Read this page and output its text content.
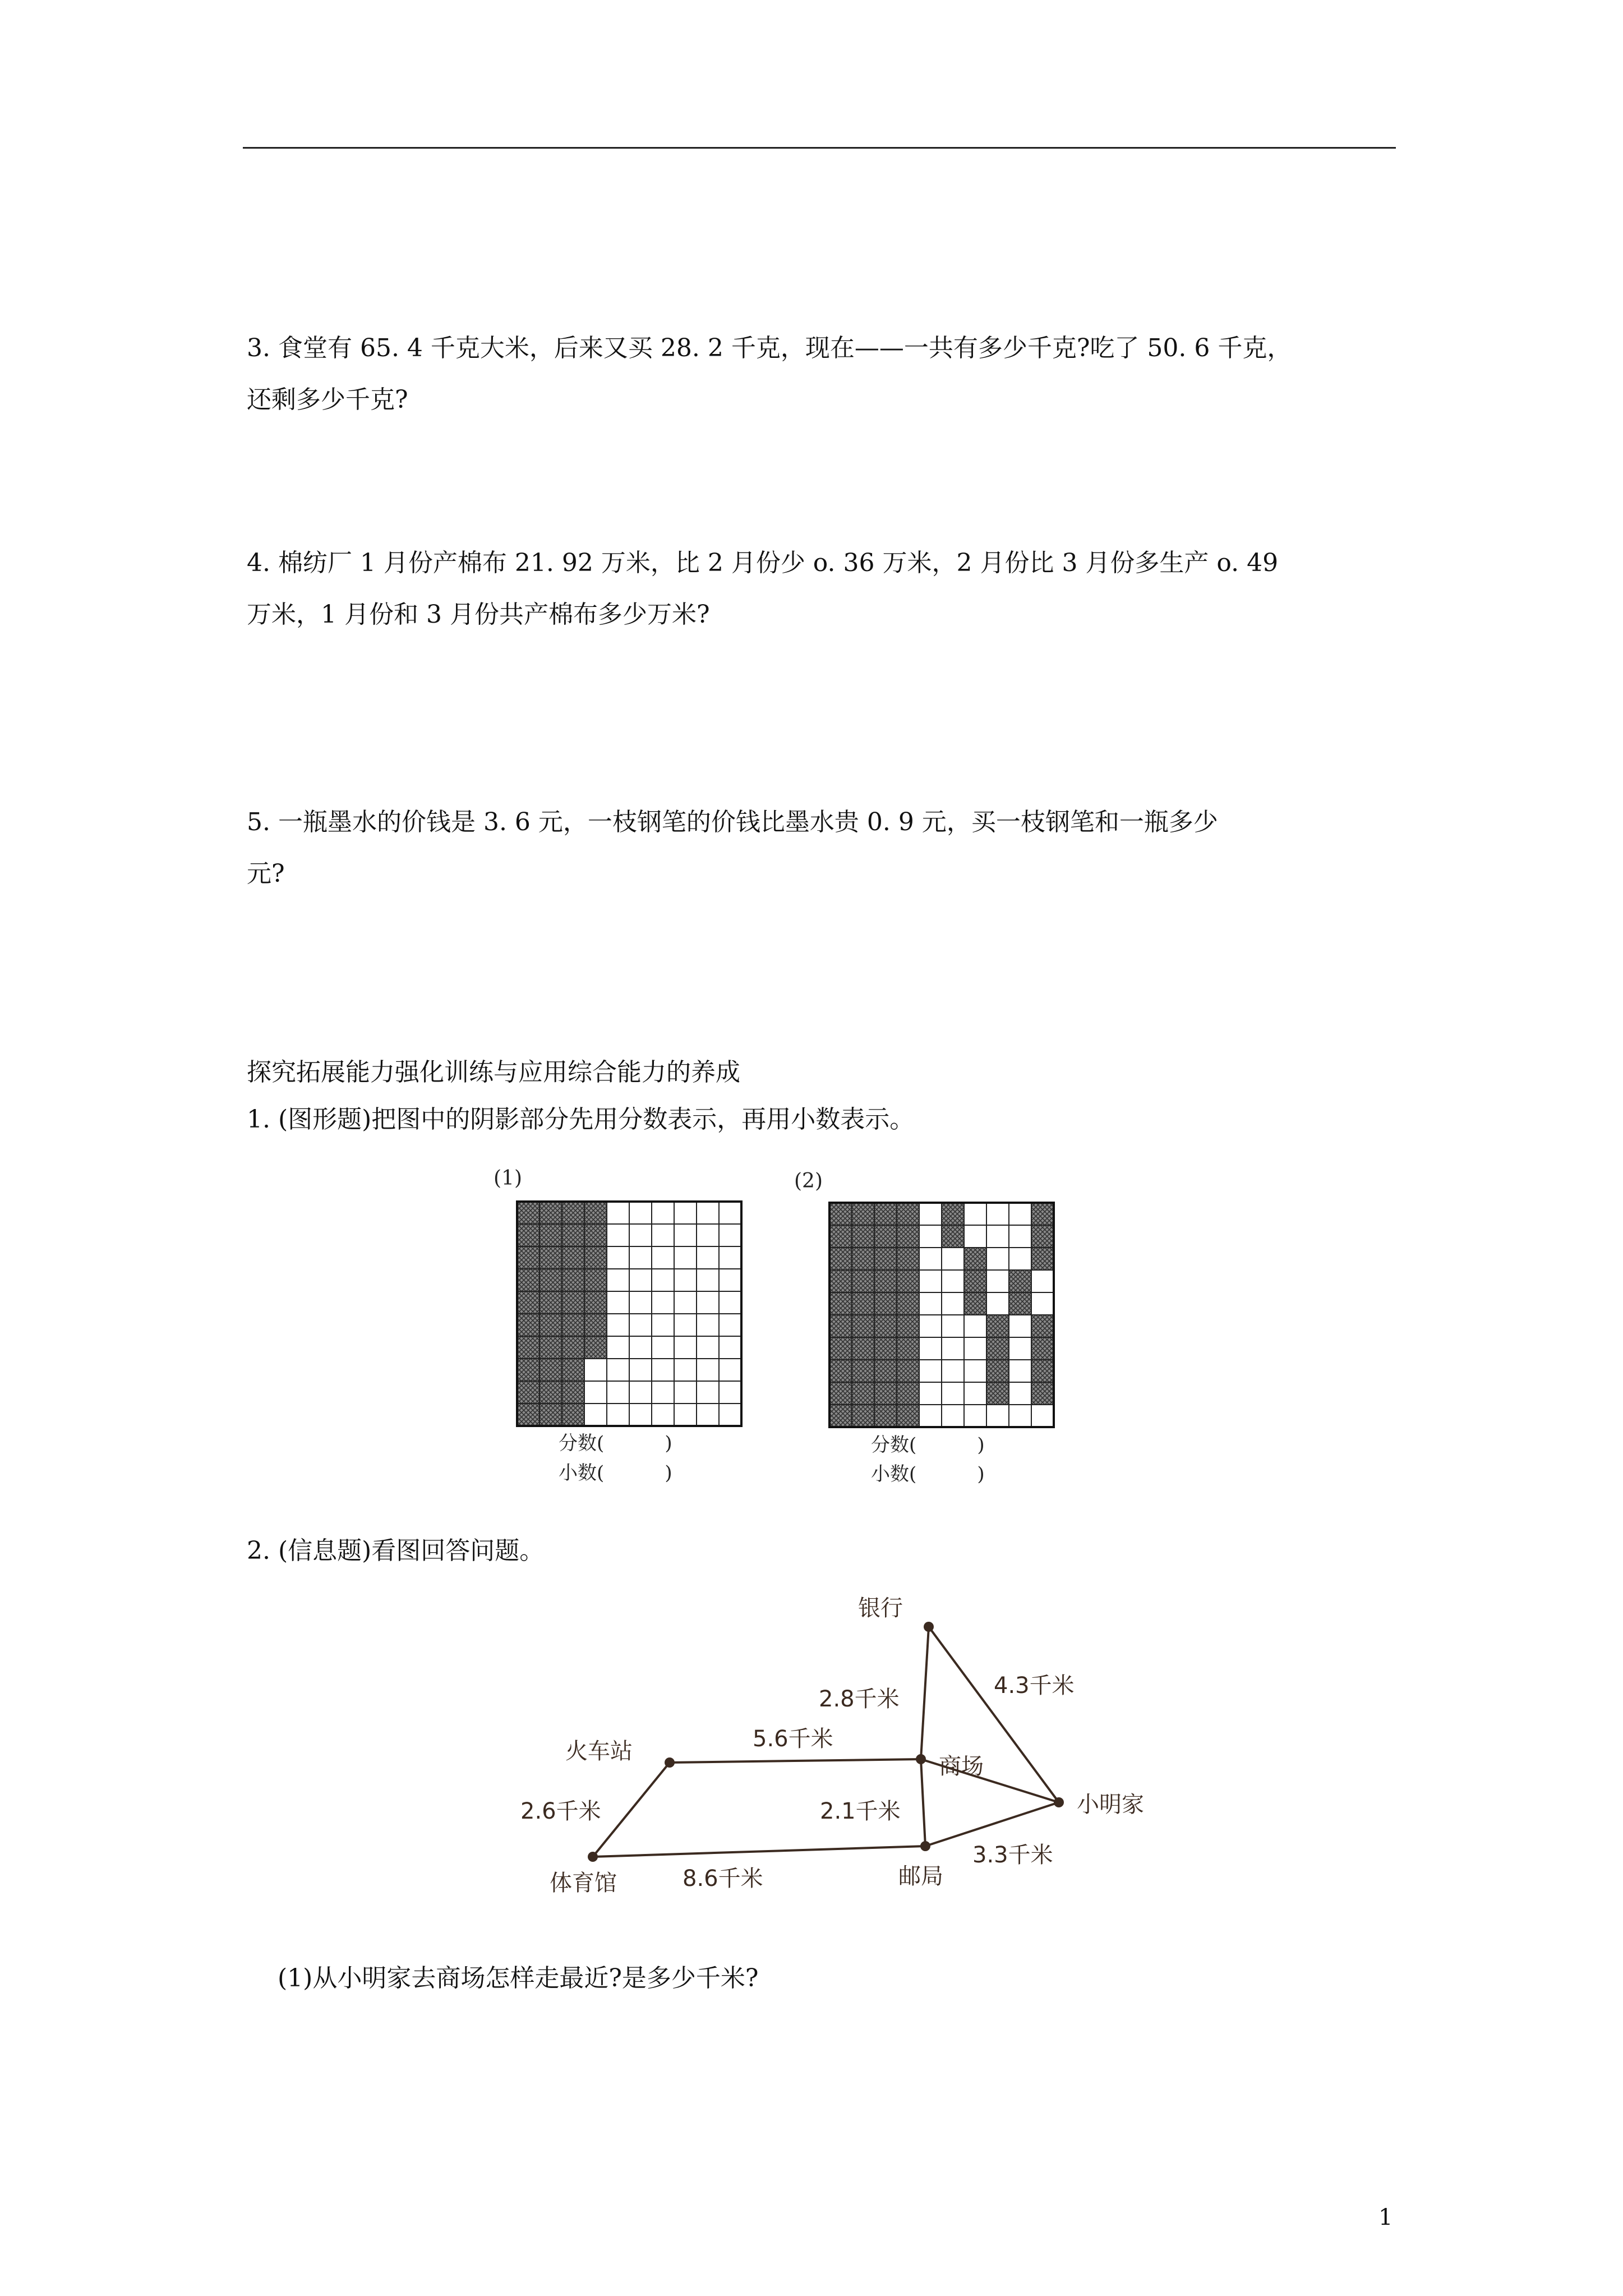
3. 食堂有 65. 4 千克大米，后来又买 28. 2 千克，现在——一共有多少千克?吃了 50. 6 千克，
还剩多少千克?

4. 棉纺厂 1 月份产棉布 21. 92 万米，比 2 月份少 o. 36 万米，2 月份比 3 月份多生产 o. 49
万米，1 月份和 3 月份共产棉布多少万米?

5. 一瓶墨水的价钱是 3. 6 元，一枝钢笔的价钱比墨水贵 0. 9 元，买一枝钢笔和一瓶多少
元?

探究拓展能力强化训练与应用综合能力的养成

1. (图形题)把图中的阴影部分先用分数表示，再用小数表示。

(1)
分数(          )
小数(          )
(2)
分数(          )
小数(          )

2. (信息题)看图回答问题。

银行
火车站
商场
小明家
体育馆	邮局
2.8千米
4.3千米
5.6千米
2.6千米	2.1千米
8.6千米
3.3千米

(1)从小明家去商场怎样走最近?是多少千米?

1
